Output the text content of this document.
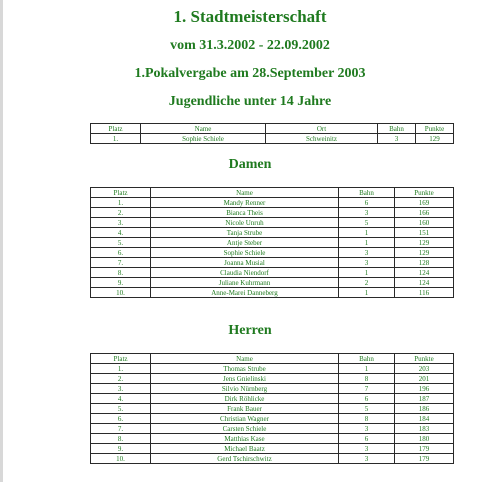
1. Stadtmeisterschaft
vom 31.3.2002 - 22.09.2002
1.Pokalvergabe am 28.September 2003
Jugendliche unter 14 Jahre
Platz	Name	Ort	Bahn	Punkte
1.	Sophie Schiele	Schweinitz	3	129
Damen
Platz	Name	Bahn	Punkte
1.	Mandy Renner	6	169
2.	Bianca Theis	3	166
3.	Nicole Unruh	5	160
4.	Tanja Strube	1	151
5.	Antje Steber	1	129
6.	Sophie Schiele	3	129
7.	Joanna Musial	3	128
8.	Claudia Niendorf	1	124
9.	Juliane Kuhrmann	2	124
10.	Anne-Marei Danneberg	1	116
Herren
Platz	Name	Bahn	Punkte
1.	Thomas Strube	1	203
2.	Jens Gnielinski	8	201
3.	Silvio Nürnberg	7	196
4.	Dirk Röhlicke	6	187
5.	Frank Bauer	5	186
6.	Christian Wagner	8	184
7.	Carsten Schiele	3	183
8.	Matthias Kase	6	180
9.	Michael Baatz	3	179
10.	Gerd Tschirschwitz	3	179
